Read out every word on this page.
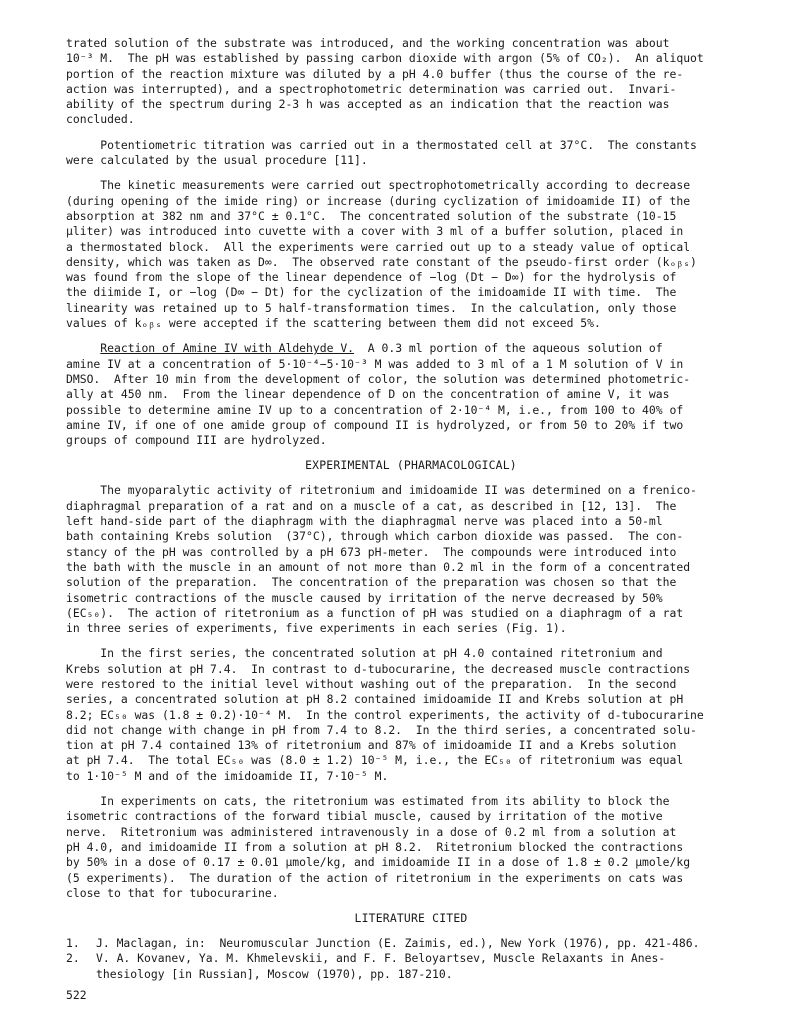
trated solution of the substrate was introduced, and the working concentration was about
10⁻³ M.  The pH was established by passing carbon dioxide with argon (5% of CO₂).  An aliquot
portion of the reaction mixture was diluted by a pH 4.0 buffer (thus the course of the re-
action was interrupted), and a spectrophotometric determination was carried out.  Invari-
ability of the spectrum during 2-3 h was accepted as an indication that the reaction was
concluded.
Potentiometric titration was carried out in a thermostated cell at 37°C.  The constants
were calculated by the usual procedure [11].
The kinetic measurements were carried out spectrophotometrically according to decrease
(during opening of the imide ring) or increase (during cyclization of imidoamide II) of the
absorption at 382 nm and 37°C ± 0.1°C.  The concentrated solution of the substrate (10-15
μliter) was introduced into cuvette with a cover with 3 ml of a buffer solution, placed in
a thermostated block.  All the experiments were carried out up to a steady value of optical
density, which was taken as D∞.  The observed rate constant of the pseudo-first order (kₒᵦₛ)
was found from the slope of the linear dependence of −log (Dt − D∞) for the hydrolysis of
the diimide I, or −log (D∞ − Dt) for the cyclization of the imidoamide II with time.  The
linearity was retained up to 5 half-transformation times.  In the calculation, only those
values of kₒᵦₛ were accepted if the scattering between them did not exceed 5%.
Reaction of Amine IV with Aldehyde V.  A 0.3 ml portion of the aqueous solution of
amine IV at a concentration of 5·10⁻⁴−5·10⁻³ M was added to 3 ml of a 1 M solution of V in
DMSO.  After 10 min from the development of color, the solution was determined photometric-
ally at 450 nm.  From the linear dependence of D on the concentration of amine V, it was
possible to determine amine IV up to a concentration of 2·10⁻⁴ M, i.e., from 100 to 40% of
amine IV, if one of one amide group of compound II is hydrolyzed, or from 50 to 20% if two
groups of compound III are hydrolyzed.
EXPERIMENTAL (PHARMACOLOGICAL)
The myoparalytic activity of ritetronium and imidoamide II was determined on a frenico-
diaphragmal preparation of a rat and on a muscle of a cat, as described in [12, 13].  The
left hand-side part of the diaphragm with the diaphragmal nerve was placed into a 50-ml
bath containing Krebs solution  (37°C), through which carbon dioxide was passed.  The con-
stancy of the pH was controlled by a pH 673 pH-meter.  The compounds were introduced into
the bath with the muscle in an amount of not more than 0.2 ml in the form of a concentrated
solution of the preparation.  The concentration of the preparation was chosen so that the
isometric contractions of the muscle caused by irritation of the nerve decreased by 50%
(EC₅₀).  The action of ritetronium as a function of pH was studied on a diaphragm of a rat
in three series of experiments, five experiments in each series (Fig. 1).
In the first series, the concentrated solution at pH 4.0 contained ritetronium and
Krebs solution at pH 7.4.  In contrast to d-tubocurarine, the decreased muscle contractions
were restored to the initial level without washing out of the preparation.  In the second
series, a concentrated solution at pH 8.2 contained imidoamide II and Krebs solution at pH
8.2; EC₅₀ was (1.8 ± 0.2)·10⁻⁴ M.  In the control experiments, the activity of d-tubocurarine
did not change with change in pH from 7.4 to 8.2.  In the third series, a concentrated solu-
tion at pH 7.4 contained 13% of ritetronium and 87% of imidoamide II and a Krebs solution
at pH 7.4.  The total EC₅₀ was (8.0 ± 1.2) 10⁻⁵ M, i.e., the EC₅₀ of ritetronium was equal
to 1·10⁻⁵ M and of the imidoamide II, 7·10⁻⁵ M.
In experiments on cats, the ritetronium was estimated from its ability to block the
isometric contractions of the forward tibial muscle, caused by irritation of the motive
nerve.  Ritetronium was administered intravenously in a dose of 0.2 ml from a solution at
pH 4.0, and imidoamide II from a solution at pH 8.2.  Ritetronium blocked the contractions
by 50% in a dose of 0.17 ± 0.01 μmole/kg, and imidoamide II in a dose of 1.8 ± 0.2 μmole/kg
(5 experiments).  The duration of the action of ritetronium in the experiments on cats was
close to that for tubocurarine.
LITERATURE CITED
1.	J. Maclagan, in:  Neuromuscular Junction (E. Zaimis, ed.), New York (1976), pp. 421-486.
2.	V. A. Kovanev, Ya. M. Khmelevskii, and F. F. Beloyartsev, Muscle Relaxants in Anes-
thesiology [in Russian], Moscow (1970), pp. 187-210.
522
